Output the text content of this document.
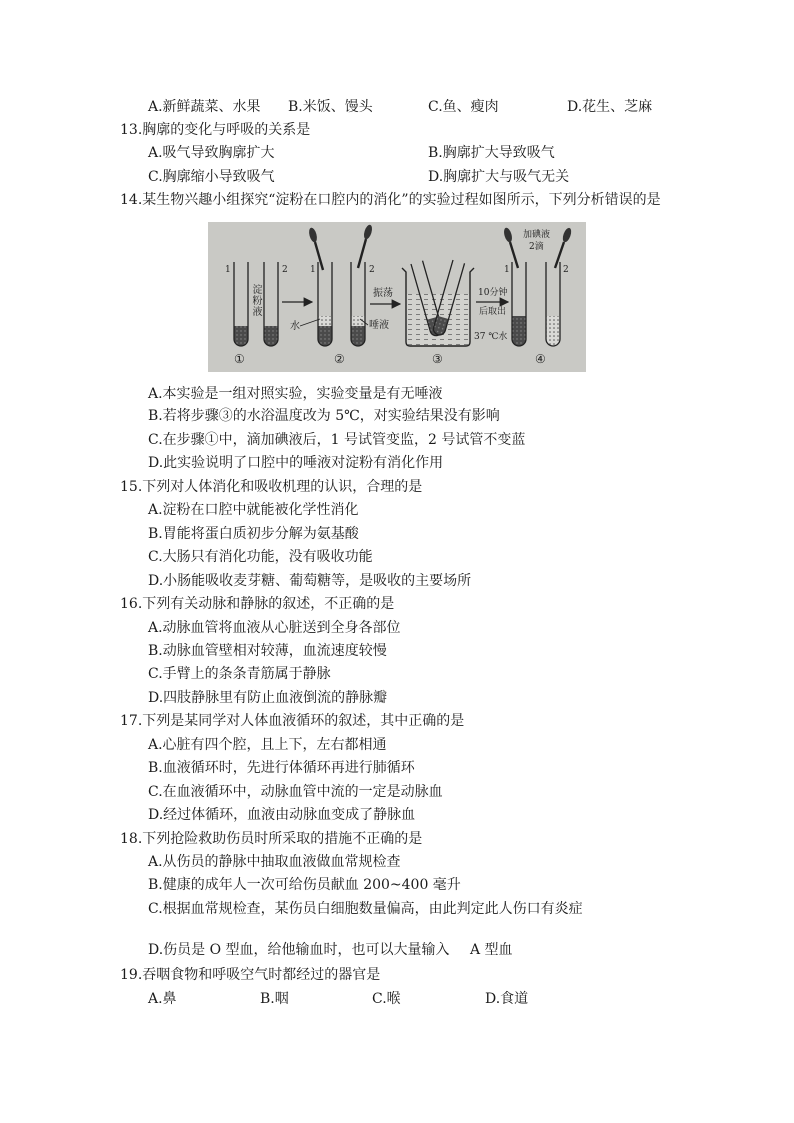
A.新鲜蔬菜、水果 B.米饭、馒头	C.鱼、瘦肉	D.花生、芝麻
13.胸廓的变化与呼吸的关系是
A.吸气导致胸廓扩大	B.胸廓扩大导致吸气
C.胸廓缩小导致吸气	D.胸廓扩大与吸气无关
14.某生物兴趣小组探究“淀粉在口腔内的消化”的实验过程如图所示，下列分析错误的是
1	2
淀粉液
1	2
水	唾液
振荡	10分钟
后取出
37 ℃水
1	2
加碘液
2滴
①	②	③	④
A.本实验是一组对照实验，实验变量是有无唾液
B.若将步骤③的水浴温度改为 5℃，对实验结果没有影响
C.在步骤①中，滴加碘液后，1 号试管变监，2 号试管不变蓝
D.此实验说明了口腔中的唾液对淀粉有消化作用
15.下列对人体消化和吸收机理的认识，合理的是
A.淀粉在口腔中就能被化学性消化
B.胃能将蛋白质初步分解为氨基酸
C.大肠只有消化功能，没有吸收功能
D.小肠能吸收麦芽糖、葡萄糖等，是吸收的主要场所
16.下列有关动脉和静脉的叙述，不正确的是
A.动脉血管将血液从心脏送到全身各部位
B.动脉血管壁相对较薄，血流速度较慢
C.手臂上的条条青筋属于静脉
D.四肢静脉里有防止血液倒流的静脉瓣
17.下列是某同学对人体血液循环的叙述，其中正确的是
A.心脏有四个腔，且上下，左右都相通
B.血液循环时，先进行体循环再进行肺循环
C.在血液循环中，动脉血管中流的一定是动脉血
D.经过体循环，血液由动脉血变成了静脉血
18.下列抢险救助伤员时所采取的措施不正确的是
A.从伤员的静脉中抽取血液做血常规检查
B.健康的成年人一次可给伤员献血 200~400 毫升
C.根据血常规检查，某伤员白细胞数量偏高，由此判定此人伤口有炎症
D.伤员是 O 型血，给他输血时，也可以大量输入 A 型血
19.吞咽食物和呼吸空气时都经过的器官是
A.鼻	B.咽	C.喉	D.食道
